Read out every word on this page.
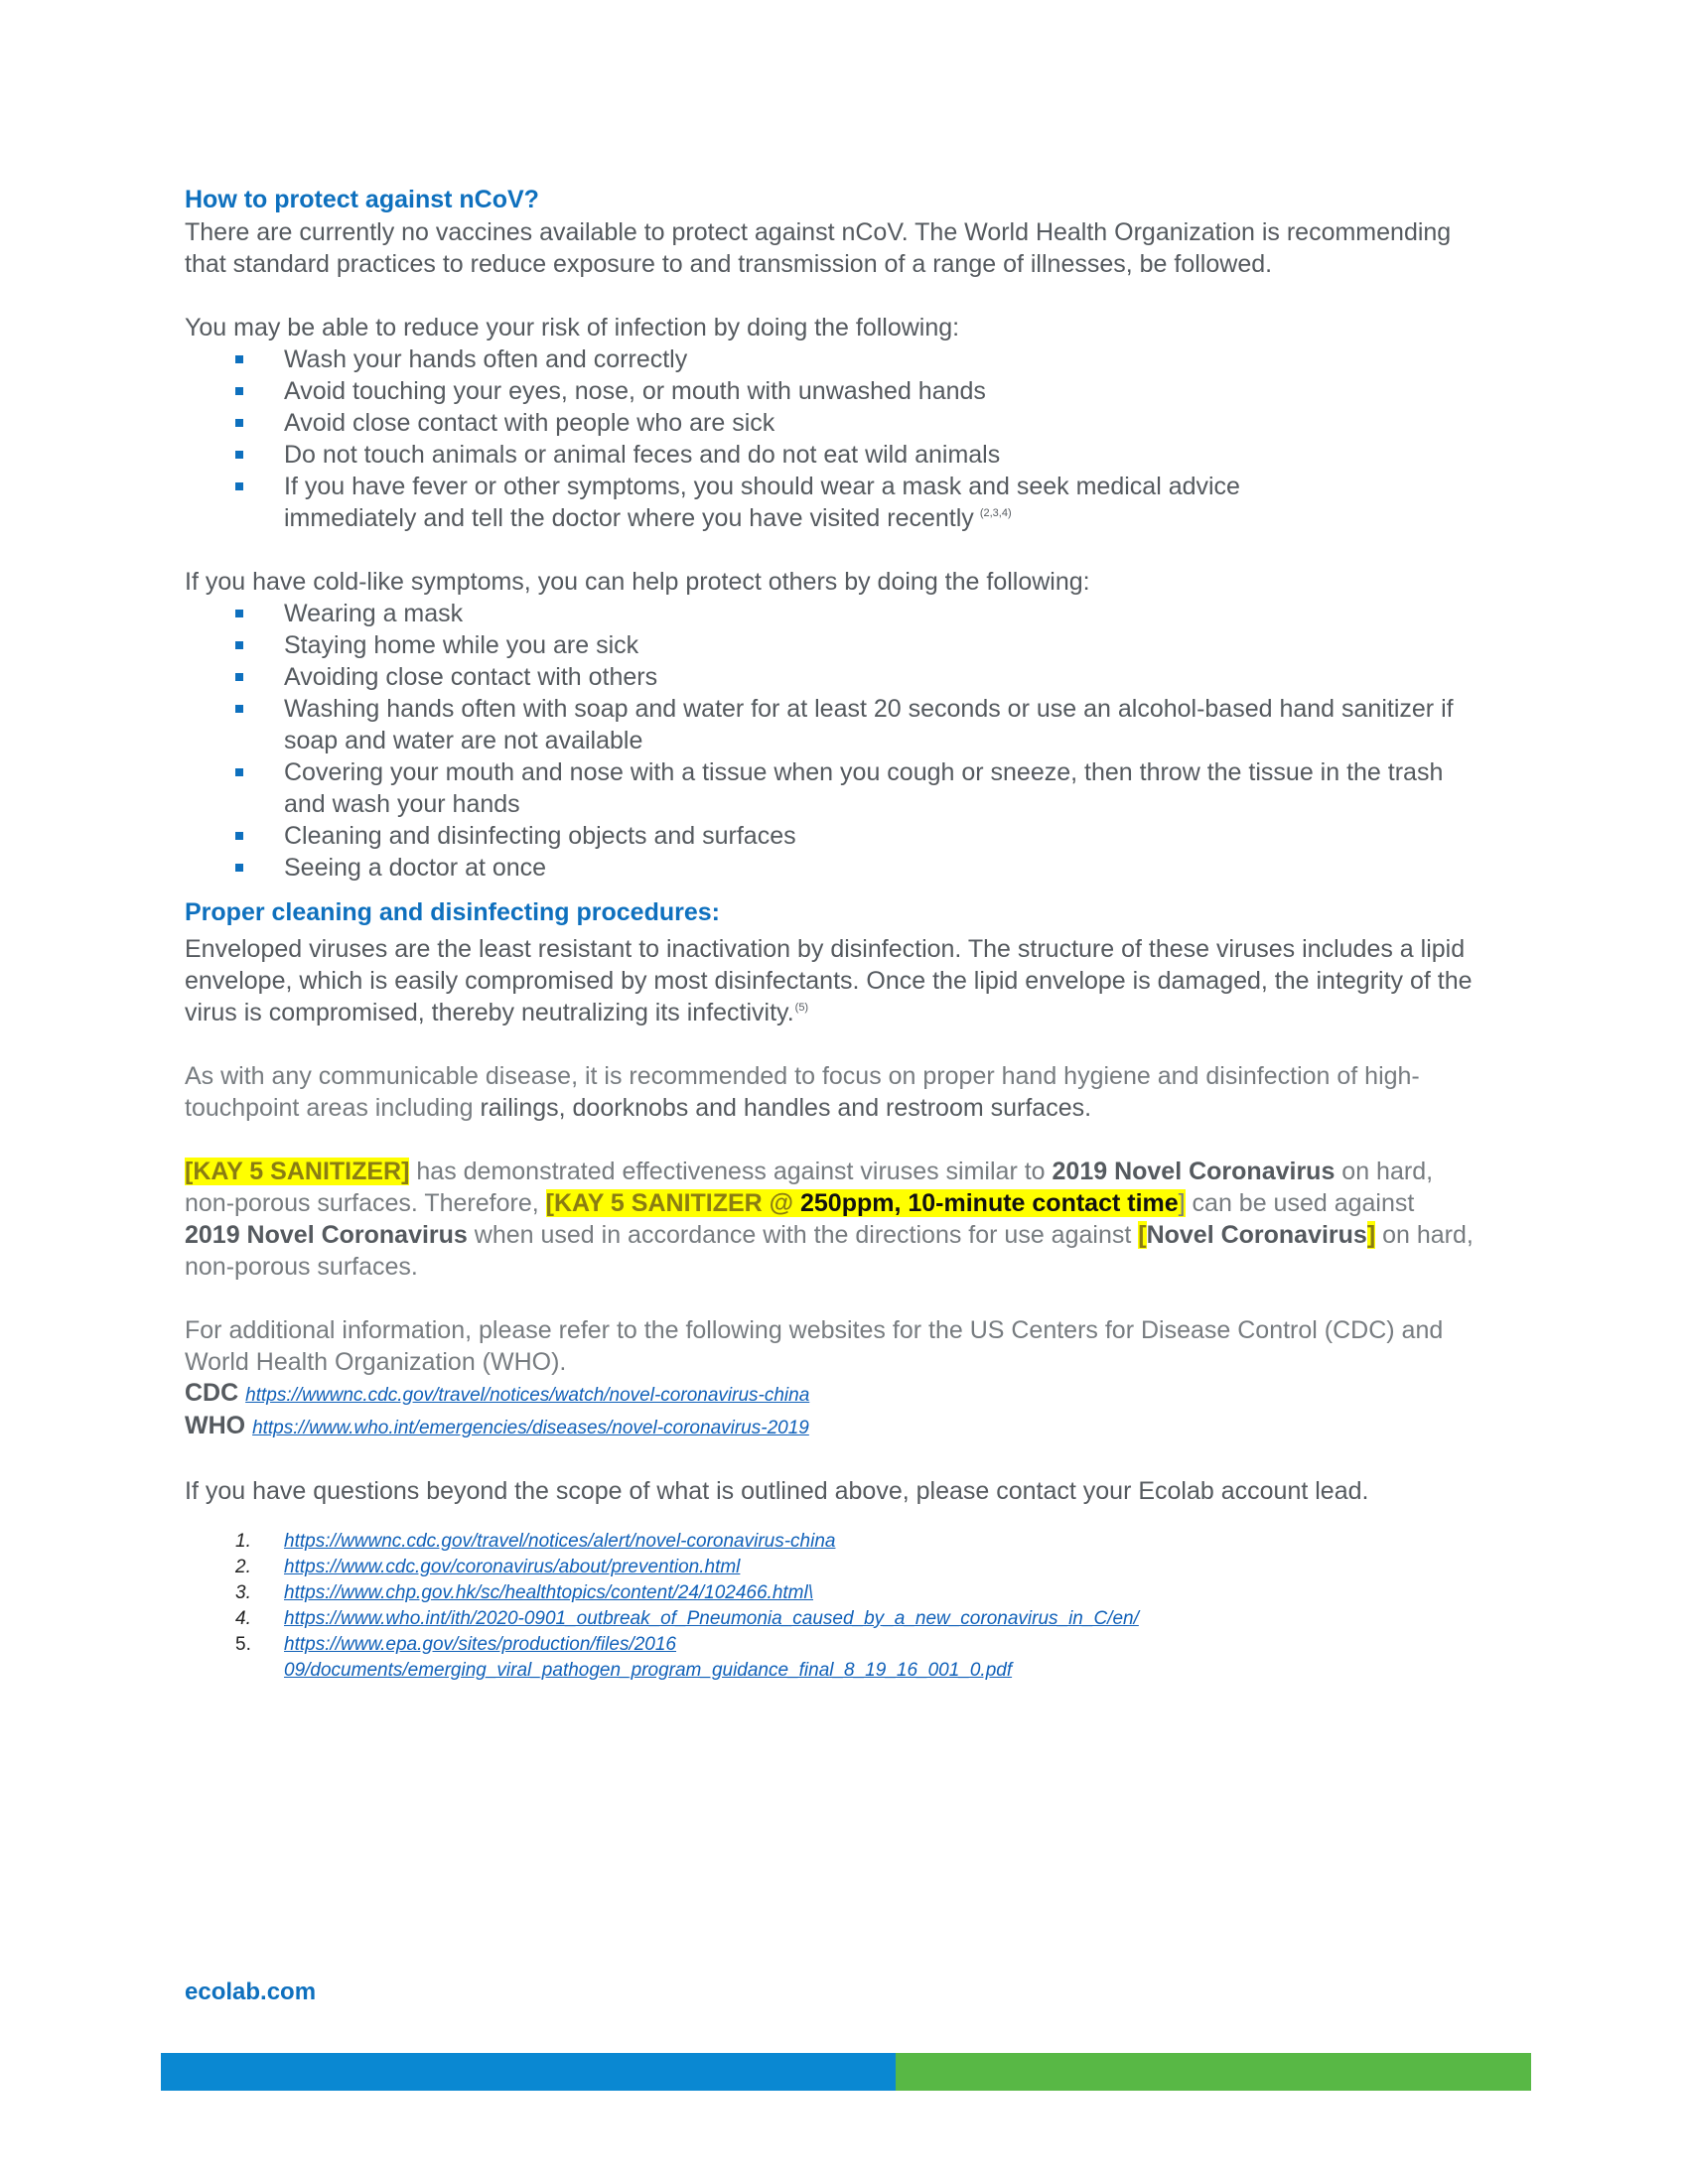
How to protect against nCoV?

There are currently no vaccines available to protect against nCoV. The World Health Organization is recommending that standard practices to reduce exposure to and transmission of a range of illnesses, be followed.

You may be able to reduce your risk of infection by doing the following:

Wash your hands often and correctly
Avoid touching your eyes, nose, or mouth with unwashed hands
Avoid close contact with people who are sick
Do not touch animals or animal feces and do not eat wild animals
If you have fever or other symptoms, you should wear a mask and seek medical advice immediately and tell the doctor where you have visited recently $^{(2,3,4)}$

If you have cold-like symptoms, you can help protect others by doing the following:

Wearing a mask
Staying home while you are sick
Avoiding close contact with others
Washing hands often with soap and water for at least 20 seconds or use an alcohol-based hand sanitizer if soap and water are not available
Covering your mouth and nose with a tissue when you cough or sneeze, then throw the tissue in the trash and wash your hands
Cleaning and disinfecting objects and surfaces
Seeing a doctor at once
Proper cleaning and disinfecting procedures:

Enveloped viruses are the least resistant to inactivation by disinfection. The structure of these viruses includes a lipid envelope, which is easily compromised by most disinfectants. Once the lipid envelope is damaged, the integrity of the virus is compromised, thereby neutralizing its infectivity.$^{(5)}$

As with any communicable disease, it is recommended to focus on proper hand hygiene and disinfection of high-touchpoint areas including railings, doorknobs and handles and restroom surfaces.

[KAY 5 SANITIZER] has demonstrated effectiveness against viruses similar to 2019 Novel Coronavirus on hard, non-porous surfaces. Therefore, [KAY 5 SANITIZER @ 250ppm, 10-minute contact time] can be used against 2019 Novel Coronavirus when used in accordance with the directions for use against [Novel Coronavirus] on hard, non-porous surfaces.

For additional information, please refer to the following websites for the US Centers for Disease Control (CDC) and World Health Organization (WHO).

CDC https://wwwnc.cdc.gov/travel/notices/watch/novel-coronavirus-china
WHO https://www.who.int/emergencies/diseases/novel-coronavirus-2019

If you have questions beyond the scope of what is outlined above, please contact your Ecolab account lead.

1. https://wwwnc.cdc.gov/travel/notices/alert/novel-coronavirus-china
2. https://www.cdc.gov/coronavirus/about/prevention.html
3. https://www.chp.gov.hk/sc/healthtopics/content/24/102466.html\
4. https://www.who.int/ith/2020-0901_outbreak_of_Pneumonia_caused_by_a_new_coronavirus_in_C/en/
5. https://www.epa.gov/sites/production/files/2016
09/documents/emerging_viral_pathogen_program_guidance_final_8_19_16_001_0.pdf
ecolab.com
